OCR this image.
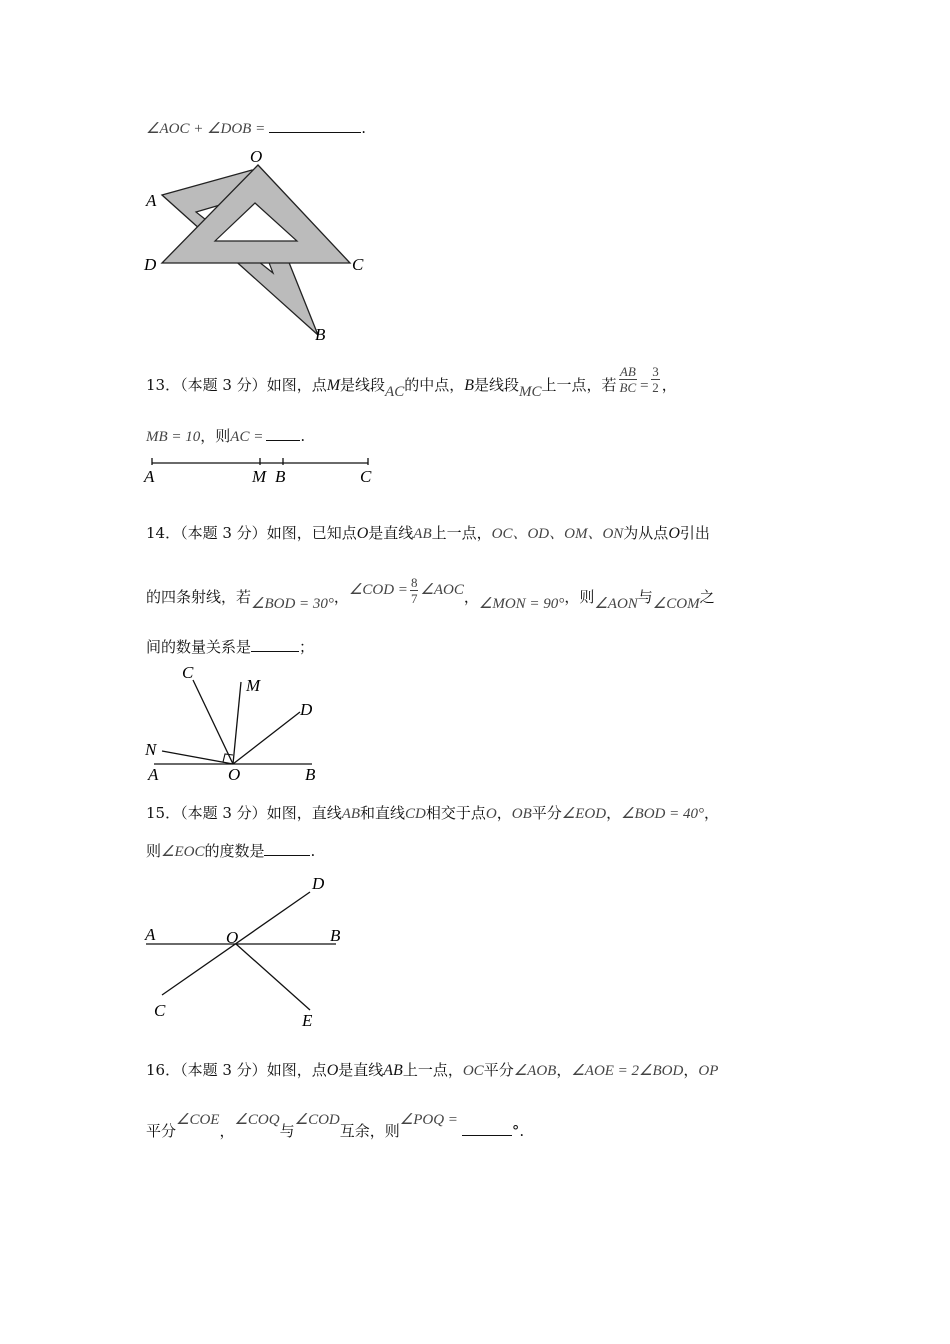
∠AOC + ∠DOB =	.
O
A
D	C
B
13．（本题 3 分）如图，点M是线段AC的中点，B是线段MC上一点，若 $\frac{AB}{BC} = \frac{3}{2}$ ，
MB = 10，则AC = .
A	M B	C
14．（本题 3 分）如图，已知点O是直线AB上一点，OC、OD、OM、ON为从点O引出
的四条射线，若∠BOD = 30°，∠COD = $\frac{8}{7}$ ∠AOC，∠MON = 90°，则∠AON与∠COM之
间的数量关系是	；
C
M
D
N
A	O	B
15．（本题 3 分）如图，直线AB和直线CD相交于点O，OB平分∠EOD，∠BOD = 40°，
则∠EOC的度数是	.
D
A	O	B
C
E
16．（本题 3 分）如图，点O是直线AB上一点，OC平分∠AOB，∠AOE = 2∠BOD，OP
平分∠COE，∠COQ与∠COD互余，则∠POQ =°.
